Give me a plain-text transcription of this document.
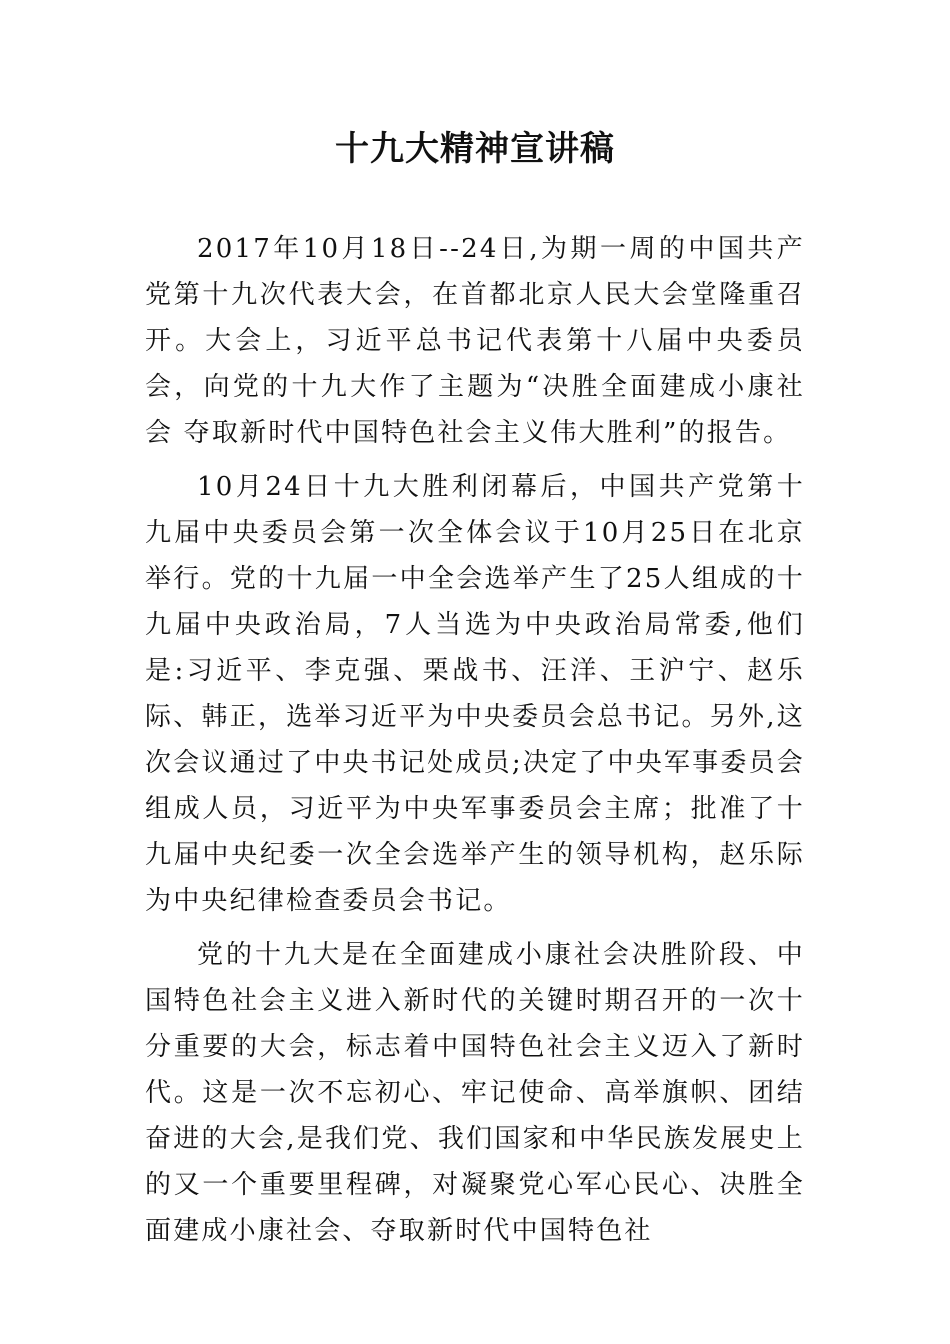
十九大精神宣讲稿

2017年10月18日--24日,为期一周的中国共产党第十九次代表大会，在首都北京人民大会堂隆重召开。大会上，习近平总书记代表第十八届中央委员会，向党的十九大作了主题为“决胜全面建成小康社会 夺取新时代中国特色社会主义伟大胜利”的报告。

10月24日十九大胜利闭幕后，中国共产党第十九届中央委员会第一次全体会议于10月25日在北京举行。党的十九届一中全会选举产生了25人组成的十九届中央政治局，7人当选为中央政治局常委,他们是:习近平、李克强、栗战书、汪洋、王沪宁、赵乐际、韩正，选举习近平为中央委员会总书记。另外,这次会议通过了中央书记处成员;决定了中央军事委员会组成人员，习近平为中央军事委员会主席；批准了十九届中央纪委一次全会选举产生的领导机构，赵乐际为中央纪律检查委员会书记。

党的十九大是在全面建成小康社会决胜阶段、中国特色社会主义进入新时代的关键时期召开的一次十分重要的大会，标志着中国特色社会主义迈入了新时代。这是一次不忘初心、牢记使命、高举旗帜、团结奋进的大会,是我们党、我们国家和中华民族发展史上的又一个重要里程碑，对凝聚党心军心民心、决胜全面建成小康社会、夺取新时代中国特色社
